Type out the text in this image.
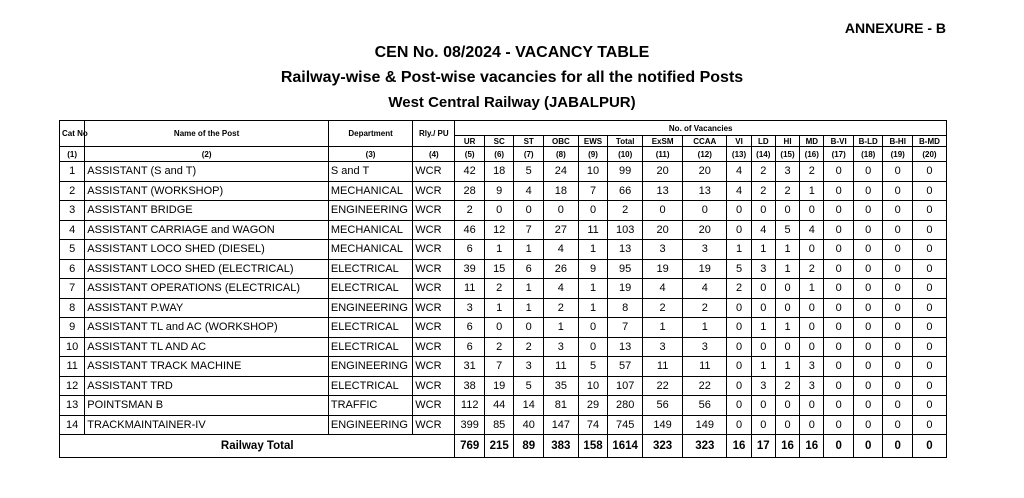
ANNEXURE - B
CEN No. 08/2024 - VACANCY TABLE
Railway-wise & Post-wise vacancies for all the notified Posts
West Central Railway (JABALPUR)
Cat No	Name of the Post	Department	Rly./ PU	No. of Vacancies															
				UR	SC	ST	OBC	EWS	Total	ExSM	CCAA	VI	LD	HI	MD	B-VI	B-LD	B-HI	B-MD
(1)	(2)	(3)	(4)	(5)	(6)	(7)	(8)	(9)	(10)	(11)	(12)	(13)	(14)	(15)	(16)	(17)	(18)	(19)	(20)
1	ASSISTANT (S and T)	S and T	WCR	42	18	5	24	10	99	20	20	4	2	3	2	0	0	0	0
2	ASSISTANT (WORKSHOP)	MECHANICAL	WCR	28	9	4	18	7	66	13	13	4	2	2	1	0	0	0	0
3	ASSISTANT BRIDGE	ENGINEERING	WCR	2	0	0	0	0	2	0	0	0	0	0	0	0	0	0	0
4	ASSISTANT CARRIAGE and WAGON	MECHANICAL	WCR	46	12	7	27	11	103	20	20	0	4	5	4	0	0	0	0
5	ASSISTANT LOCO SHED (DIESEL)	MECHANICAL	WCR	6	1	1	4	1	13	3	3	1	1	1	0	0	0	0	0
6	ASSISTANT LOCO SHED (ELECTRICAL)	ELECTRICAL	WCR	39	15	6	26	9	95	19	19	5	3	1	2	0	0	0	0
7	ASSISTANT OPERATIONS (ELECTRICAL)	ELECTRICAL	WCR	11	2	1	4	1	19	4	4	2	0	0	1	0	0	0	0
8	ASSISTANT P.WAY	ENGINEERING	WCR	3	1	1	2	1	8	2	2	0	0	0	0	0	0	0	0
9	ASSISTANT TL and AC (WORKSHOP)	ELECTRICAL	WCR	6	0	0	1	0	7	1	1	0	1	1	0	0	0	0	0
10	ASSISTANT TL AND AC	ELECTRICAL	WCR	6	2	2	3	0	13	3	3	0	0	0	0	0	0	0	0
11	ASSISTANT TRACK MACHINE	ENGINEERING	WCR	31	7	3	11	5	57	11	11	0	1	1	3	0	0	0	0
12	ASSISTANT TRD	ELECTRICAL	WCR	38	19	5	35	10	107	22	22	0	3	2	3	0	0	0	0
13	POINTSMAN B	TRAFFIC	WCR	112	44	14	81	29	280	56	56	0	0	0	0	0	0	0	0
14	TRACKMAINTAINER-IV	ENGINEERING	WCR	399	85	40	147	74	745	149	149	0	0	0	0	0	0	0	0
Railway Total				769	215	89	383	158	1614	323	323	16	17	16	16	0	0	0	0
